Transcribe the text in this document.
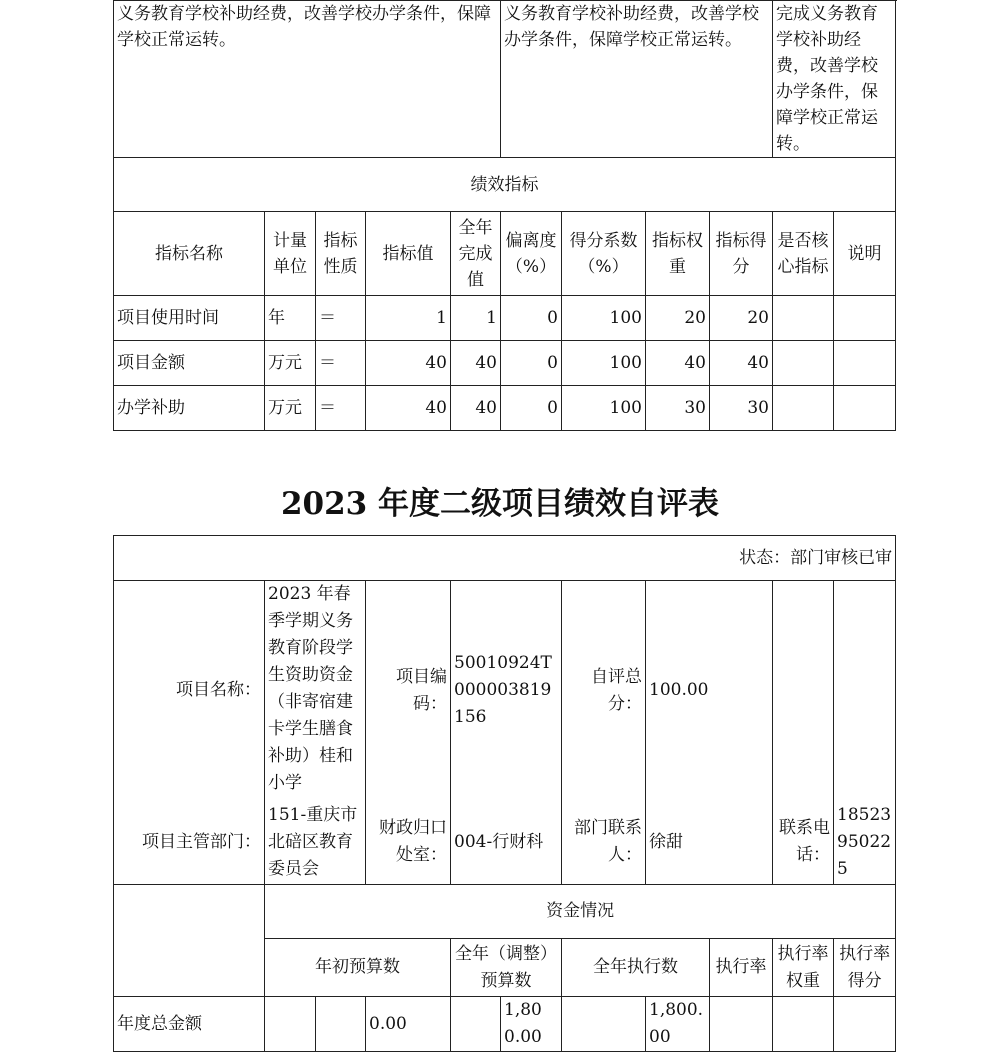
义务教育学校补助经费，改善学校办学条件，保障学校正常运转。					义务教育学校补助经费，改善学校办学条件，保障学校正常运转。				完成义务教育学校补助经费，改善学校办学条件，保障学校正常运转。	
绩效指标										
指标名称	计量单位	指标性质	指标值	全年完成值	偏离度（%）	得分系数（%）	指标权重	指标得分	是否核心指标	说明
项目使用时间	年	＝	1	1	0	100	20	20		
项目金额	万元	＝	40	40	0	100	40	40		
办学补助	万元	＝	40	40	0	100	30	30		
2023 年度二级项目绩效自评表
状态：部门审核已审										
项目名称：	2023 年春季学期义务教育阶段学生资助资金（非寄宿建卡学生膳食补助）桂和小学		项目编码：	50010924T000003819156		自评总分：	100.00			
项目主管部门：	151-重庆市北碚区教育委员会		财政归口处室：	004-行财科		部门联系人：	徐甜		联系电话：	18523950225
	资金情况									
	年初预算数			全年（调整）预算数		全年执行数		执行率	执行率权重	执行率得分
年度总金额			0.00		1,800.00		1,800.00			
